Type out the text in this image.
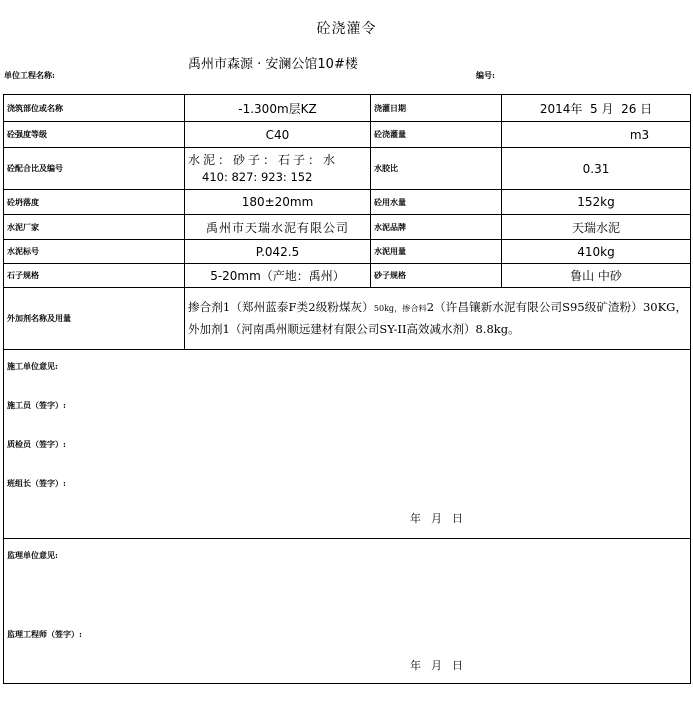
砼浇灌令
单位工程名称:
禹州市森源 · 安澜公馆10#楼
编号:
浇筑部位或名称	-1.300m层KZ	浇灌日期	2014年 5 月 26 日
砼强度等级	C40	砼浇灌量	m3
砼配合比及编号	水泥：砂子：石子：水
410: 827: 923: 152	水胶比	0.31
砼坍落度	180±20mm	砼用水量	152kg
水泥厂家	禹州市天瑞水泥有限公司	水泥品牌	天瑞水泥
水泥标号	P.042.5	水泥用量	410kg
石子规格	5-20mm（产地：禹州）	砂子规格	鲁山 中砂
外加剂名称及用量	掺合剂1（郑州蓝泰F类2级粉煤灰）50kg，掺合料2（许昌镶新水泥有限公司S95级矿渣粉）30KG，外加剂1（河南禹州顺远建材有限公司SY-II高效减水剂）8.8kg。		

施工单位意见:
施工员（签字）:
质检员（签字）:
班组长（签字）:
年 月 日			

监理单位意见:
监理工程师（签字）:
年 月 日			
